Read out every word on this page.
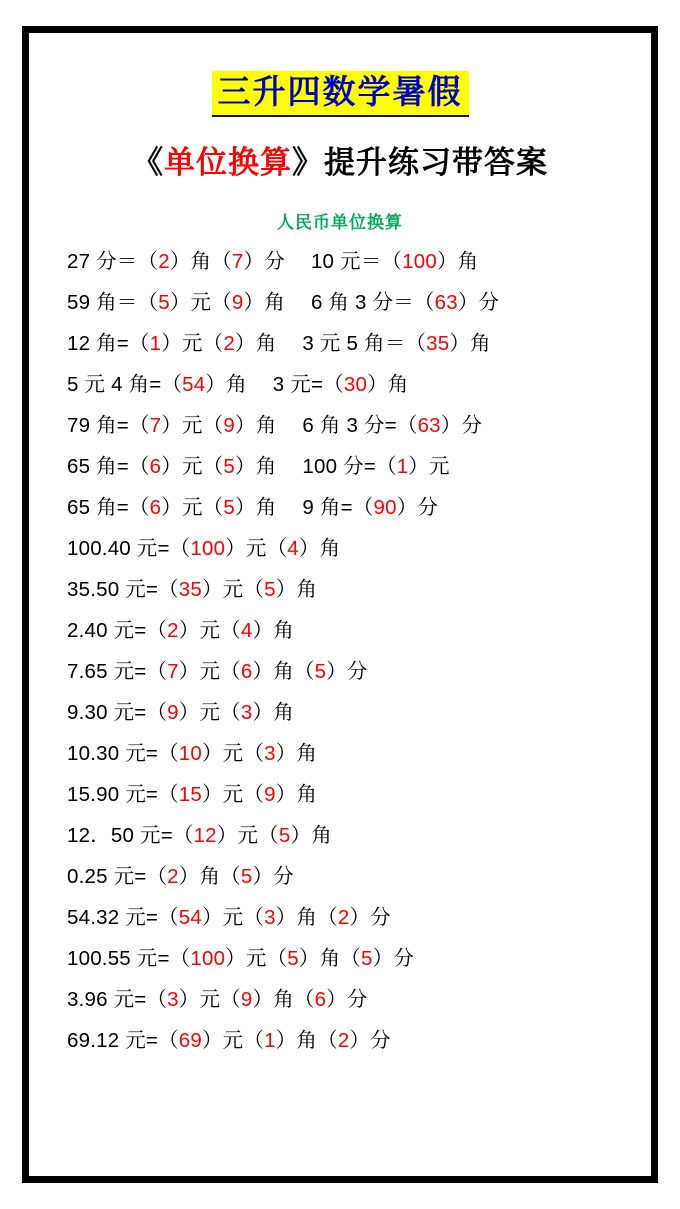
三升四数学暑假
《单位换算》提升练习带答案
人民币单位换算
27 分＝（2）角（7）分 10 元＝（100）角
59 角＝（5）元（9）角 6 角 3 分＝（63）分
12 角=（1）元（2）角 3 元 5 角＝（35）角
5 元 4 角=（54）角 3 元=（30）角
79 角=（7）元（9）角 6 角 3 分=（63）分
65 角=（6）元（5）角 100 分=（1）元
65 角=（6）元（5）角 9 角=（90）分
100.40 元=（100）元（4）角
35.50 元=（35）元（5）角
2.40 元=（2）元（4）角
7.65 元=（7）元（6）角（5）分
9.30 元=（9）元（3）角
10.30 元=（10）元（3）角
15.90 元=（15）元（9）角
12．50 元=（12）元（5）角
0.25 元=（2）角（5）分
54.32 元=（54）元（3）角（2）分
100.55 元=（100）元（5）角（5）分
3.96 元=（3）元（9）角（6）分
69.12 元=（69）元（1）角（2）分
